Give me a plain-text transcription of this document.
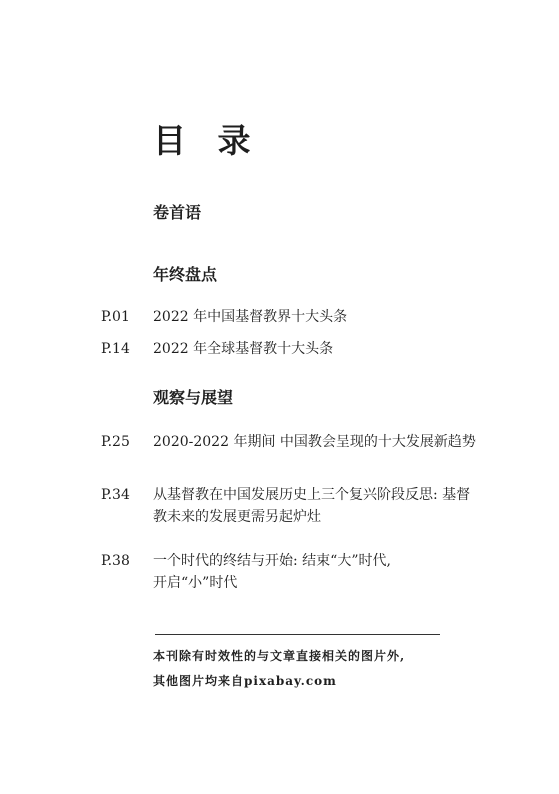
目 录
卷首语
年终盘点
P.01 2022 年中国基督教界十大头条
P.14 2022 年全球基督教十大头条
观察与展望
P.25 2020-2022 年期间 中国教会呈现的十大发展新趋势
P.34 从基督教在中国发展历史上三个复兴阶段反思: 基督
教未来的发展更需另起炉灶
P.38 一个时代的终结与开始: 结束“大”时代,
开启“小”时代
本刊除有时效性的与文章直接相关的图片外,
其他图片均来自pixabay.com
